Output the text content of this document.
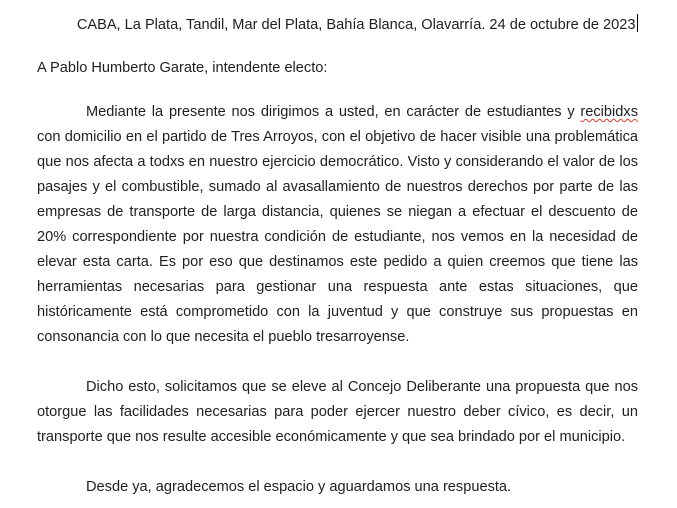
CABA, La Plata, Tandil, Mar del Plata, Bahía Blanca, Olavarría. 24 de octubre de 2023

A Pablo Humberto Garate, intendente electo:

Mediante la presente nos dirigimos a usted, en carácter de estudiantes y recibidxs con domicilio en el partido de Tres Arroyos, con el objetivo de hacer visible una problemática que nos afecta a todxs en nuestro ejercicio democrático. Visto y considerando el valor de los pasajes y el combustible, sumado al avasallamiento de nuestros derechos por parte de las empresas de transporte de larga distancia, quienes se niegan a efectuar el descuento de 20% correspondiente por nuestra condición de estudiante, nos vemos en la necesidad de elevar esta carta. Es por eso que destinamos este pedido a quien creemos que tiene las herramientas necesarias para gestionar una respuesta ante estas situaciones, que históricamente está comprometido con la juventud y que construye sus propuestas en consonancia con lo que necesita el pueblo tresarroyense.

Dicho esto, solicitamos que se eleve al Concejo Deliberante una propuesta que nos otorgue las facilidades necesarias para poder ejercer nuestro deber cívico, es decir, un transporte que nos resulte accesible económicamente y que sea brindado por el municipio.

Desde ya, agradecemos el espacio y aguardamos una respuesta.
